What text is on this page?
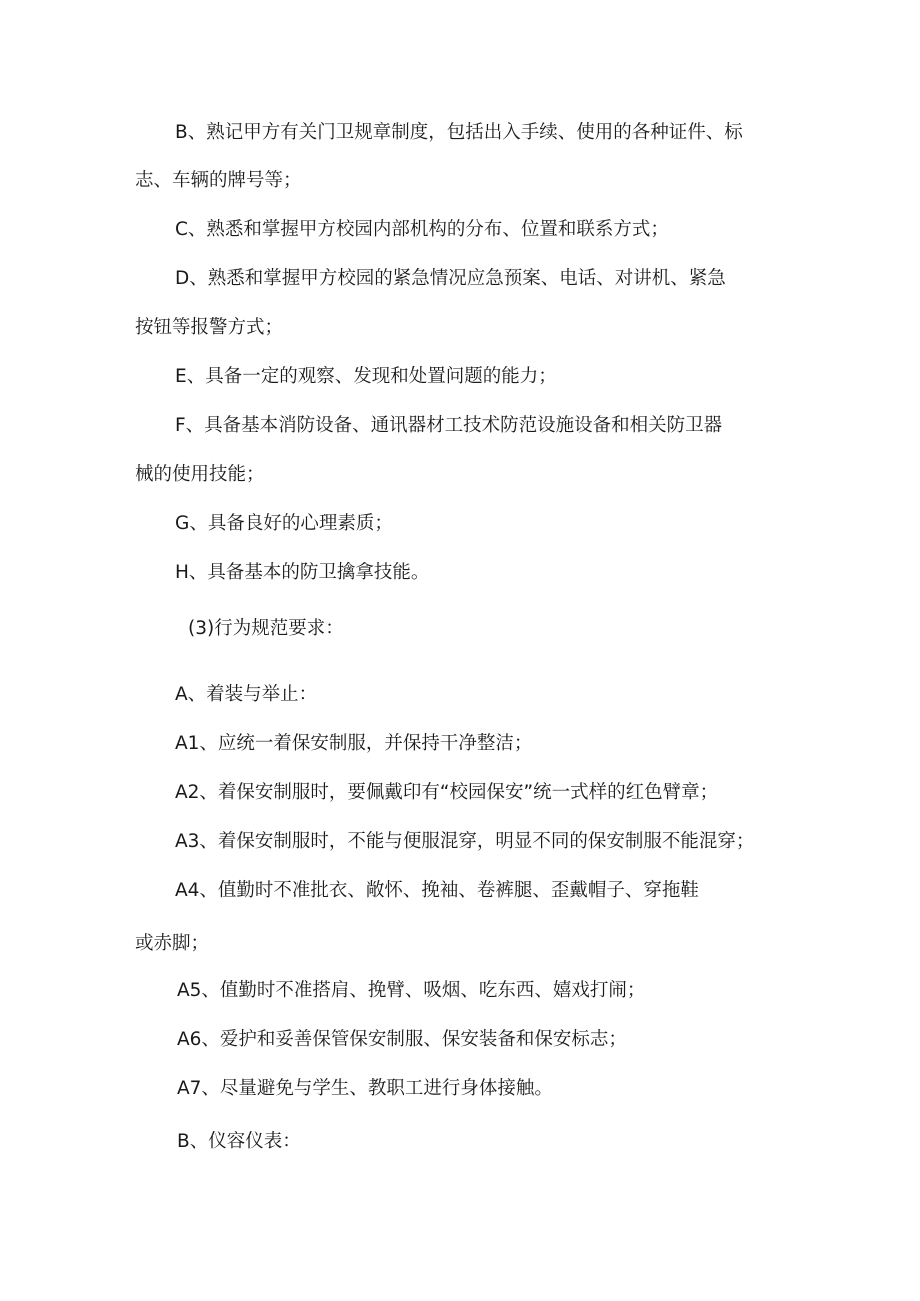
B、熟记甲方有关门卫规章制度，包括出入手续、使用的各种证件、标
志、车辆的牌号等；
C、熟悉和掌握甲方校园内部机构的分布、位置和联系方式；
D、熟悉和掌握甲方校园的紧急情况应急预案、电话、对讲机、紧急
按钮等报警方式；
E、具备一定的观察、发现和处置问题的能力；
F、具备基本消防设备、通讯器材工技术防范设施设备和相关防卫器
械的使用技能；
G、具备良好的心理素质；
H、具备基本的防卫擒拿技能。
(3)行为规范要求：
A、着装与举止：
A1、应统一着保安制服，并保持干净整洁；
A2、着保安制服时，要佩戴印有“校园保安”统一式样的红色臂章；
A3、着保安制服时，不能与便服混穿，明显不同的保安制服不能混穿；
A4、值勤时不准批衣、敞怀、挽袖、卷裤腿、歪戴帽子、穿拖鞋
或赤脚；
A5、值勤时不准搭肩、挽臂、吸烟、吃东西、嬉戏打闹；
A6、爱护和妥善保管保安制服、保安装备和保安标志；
A7、尽量避免与学生、教职工进行身体接触。
B、仪容仪表：
